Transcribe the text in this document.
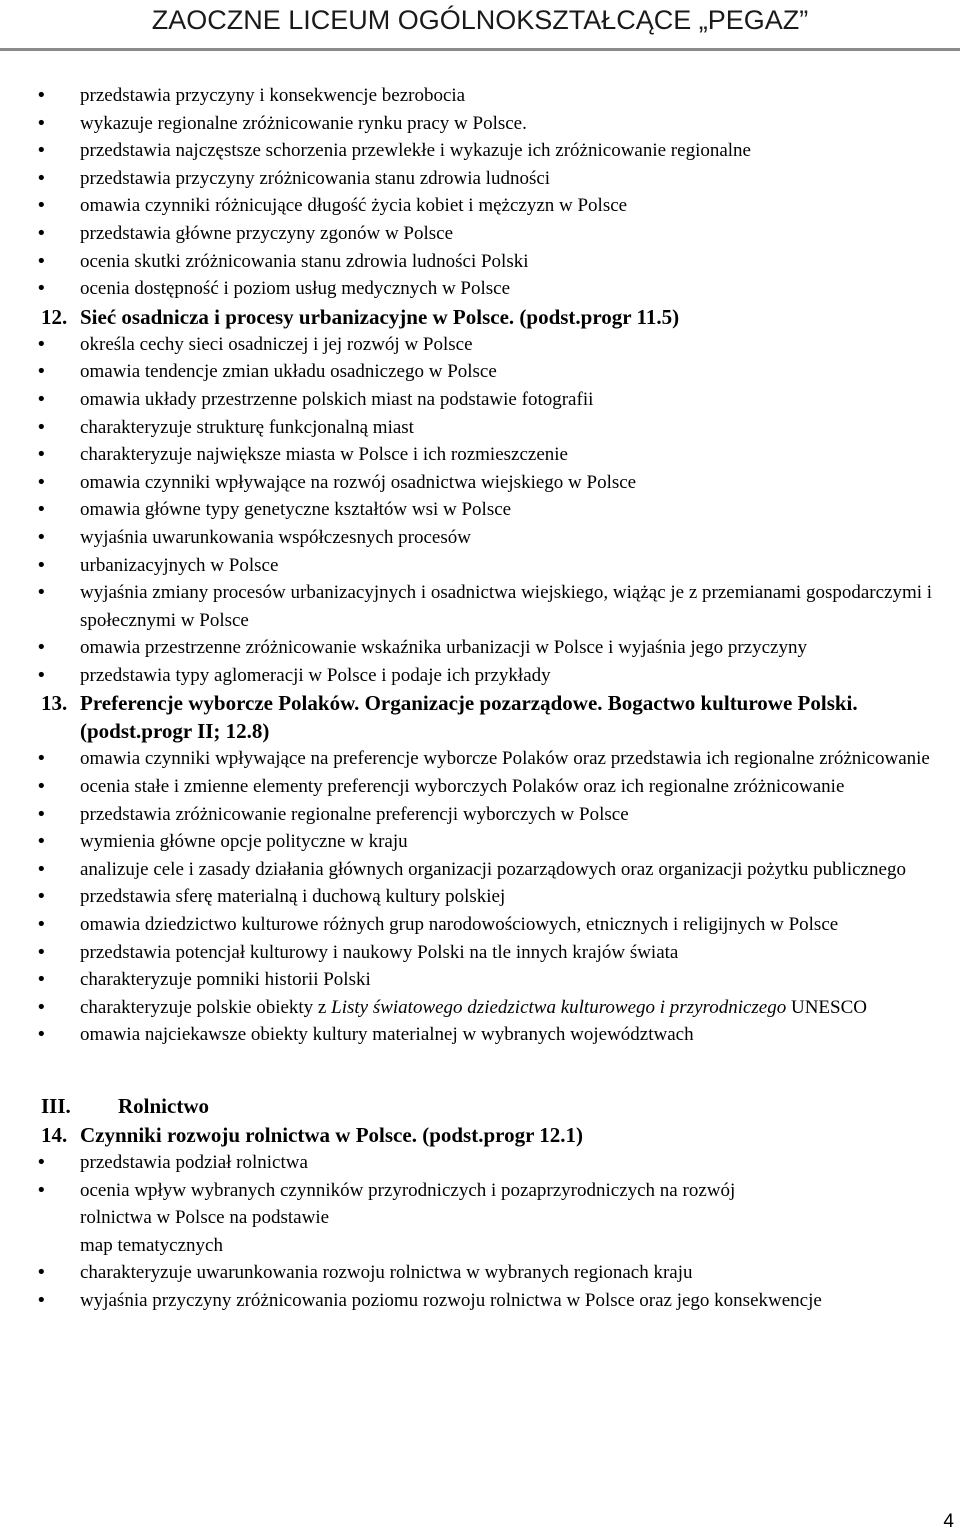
ZAOCZNE LICEUM OGÓLNOKSZTAŁCĄCE „PEGAZ”
• przedstawia przyczyny i konsekwencje bezrobocia
• wykazuje regionalne zróżnicowanie rynku pracy w Polsce.
• przedstawia najczęstsze schorzenia przewlekłe i wykazuje ich zróżnicowanie regionalne
• przedstawia przyczyny zróżnicowania stanu zdrowia ludności
• omawia czynniki różnicujące długość życia kobiet i mężczyzn w Polsce
• przedstawia główne przyczyny zgonów w Polsce
• ocenia skutki zróżnicowania stanu zdrowia ludności Polski
• ocenia dostępność i poziom usług medycznych w Polsce
12. Sieć osadnicza i procesy urbanizacyjne w Polsce. (podst.progr 11.5)
• określa cechy sieci osadniczej i jej rozwój w Polsce
• omawia tendencje zmian układu osadniczego w Polsce
• omawia układy przestrzenne polskich miast na podstawie fotografii
• charakteryzuje strukturę funkcjonalną miast
• charakteryzuje największe miasta w Polsce i ich rozmieszczenie
• omawia czynniki wpływające na rozwój osadnictwa wiejskiego w Polsce
• omawia główne typy genetyczne kształtów wsi w Polsce
• wyjaśnia uwarunkowania współczesnych procesów
• urbanizacyjnych w Polsce
• wyjaśnia zmiany procesów urbanizacyjnych i osadnictwa wiejskiego, wiążąc je z przemianami gospodarczymi i społecznymi w Polsce
• omawia przestrzenne zróżnicowanie wskaźnika urbanizacji w Polsce i wyjaśnia jego przyczyny
• przedstawia typy aglomeracji w Polsce i podaje ich przykłady
13. Preferencje wyborcze Polaków. Organizacje pozarządowe. Bogactwo kulturowe Polski. (podst.progr II; 12.8)
• omawia czynniki wpływające na preferencje wyborcze Polaków oraz przedstawia ich regionalne zróżnicowanie
• ocenia stałe i zmienne elementy preferencji wyborczych Polaków oraz ich regionalne zróżnicowanie
• przedstawia zróżnicowanie regionalne preferencji wyborczych w Polsce
• wymienia główne opcje polityczne w kraju
• analizuje cele i zasady działania głównych organizacji pozarządowych oraz organizacji pożytku publicznego
• przedstawia sferę materialną i duchową kultury polskiej
• omawia dziedzictwo kulturowe różnych grup narodowościowych, etnicznych i religijnych w Polsce
• przedstawia potencjał kulturowy i naukowy Polski na tle innych krajów świata
• charakteryzuje pomniki historii Polski
• charakteryzuje polskie obiekty z Listy światowego dziedzictwa kulturowego i przyrodniczego UNESCO
• omawia najciekawsze obiekty kultury materialnej w wybranych województwach
III. Rolnictwo
14. Czynniki rozwoju rolnictwa w Polsce. (podst.progr 12.1)
• przedstawia podział rolnictwa
• ocenia wpływ wybranych czynników przyrodniczych i pozaprzyrodniczych na rozwój
rolnictwa w Polsce na podstawie
map tematycznych
• charakteryzuje uwarunkowania rozwoju rolnictwa w wybranych regionach kraju
• wyjaśnia przyczyny zróżnicowania poziomu rozwoju rolnictwa w Polsce oraz jego konsekwencje
4
